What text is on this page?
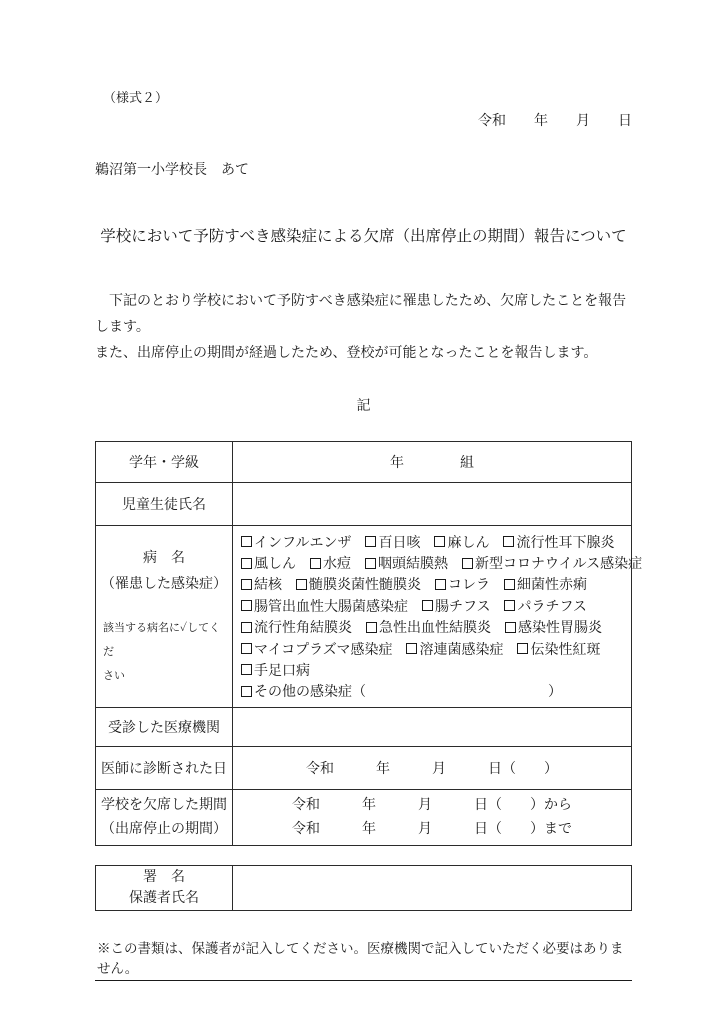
（様式２）
令和　　年　　月　　日
鵜沼第一小学校長　あて
学校において予防すべき感染症による欠席（出席停止の期間）報告について
　下記のとおり学校において予防すべき感染症に罹患したため、欠席したことを報告します。
また、出席停止の期間が経過したため、登校が可能となったことを報告します。
記
学年・学級	年　　　　組
児童生徒氏名
病　名
（罹患した感染症）
該当する病名に✓してくだ
さい
インフルエンザ 百日咳 麻しん 流行性耳下腺炎
風しん 水痘 咽頭結膜熱 新型コロナウイルス感染症
結核 髄膜炎菌性髄膜炎 コレラ 細菌性赤痢
腸管出血性大腸菌感染症 腸チフス パラチフス
流行性角結膜炎 急性出血性結膜炎 感染性胃腸炎
マイコプラズマ感染症 溶連菌感染症 伝染性紅斑
手足口病
その他の感染症（　　　　　　　　　　　　　）
受診した医療機関
医師に診断された日	令和　　　年　　　月　　　日（　　）
学校を欠席した期間
（出席停止の期間）
令和　　　年　　　月　　　日（　　）から
令和　　　年　　　月　　　日（　　）まで
署　名
保護者氏名
※この書類は、保護者が記入してください。医療機関で記入していただく必要はありません。
